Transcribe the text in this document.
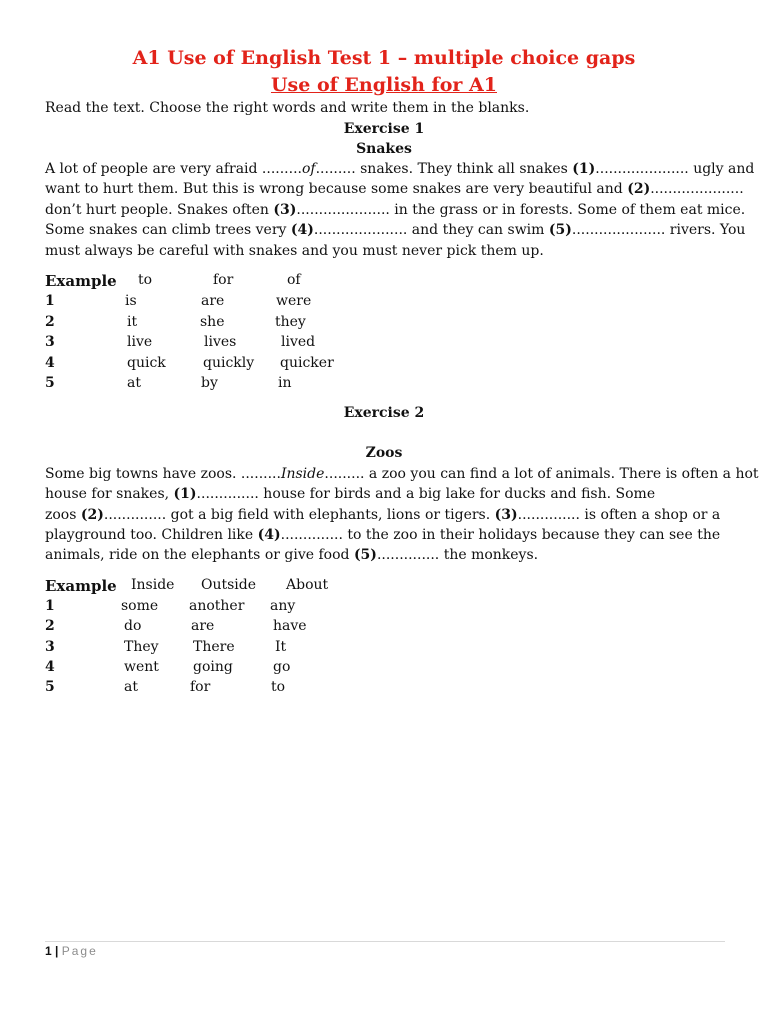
A1 Use of English Test 1 – multiple choice gaps
Use of English for A1
Read the text. Choose the right words and write them in the blanks.
Exercise 1
Snakes
A lot of people are very afraid .........of......... snakes. They think all snakes (1)..................... ugly and
want to hurt them. But this is wrong because some snakes are very beautiful and (2).....................
don’t hurt people. Snakes often (3)..................... in the grass or in forests. Some of them eat mice.
Some snakes can climb trees very (4)..................... and they can swim (5)..................... rivers. You
must always be careful with snakes and you must never pick them up.
Example to	for	of
1	is	are	were
2	it	she	they
3	live	lives	lived
4	quick	quickly quicker
5	at	by	in
Exercise 2
Zoos
Some big towns have zoos. .........Inside......... a zoo you can find a lot of animals. There is often a hot
house for snakes, (1).............. house for birds and a big lake for ducks and fish. Some
zoos (2).............. got a big field with elephants, lions or tigers. (3).............. is often a shop or a
playground too. Children like (4).............. to the zoo in their holidays because they can see the
animals, ride on the elephants or give food (5).............. the monkeys.
Example Inside Outside About
1	some another any
2	do	are	have
3	They There	It
4	went going	go
5	at	for	to
1 | Page
